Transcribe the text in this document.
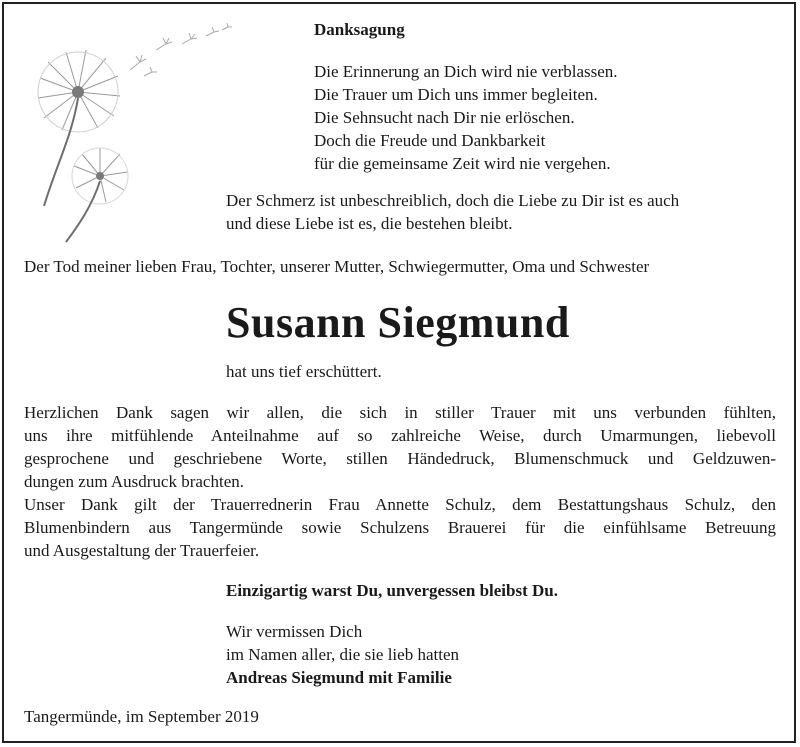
Danksagung
Die Erinnerung an Dich wird nie verblassen.
Die Trauer um Dich uns immer begleiten.
Die Sehnsucht nach Dir nie erlöschen.
Doch die Freude und Dankbarkeit
für die gemeinsame Zeit wird nie vergehen.
Der Schmerz ist unbeschreiblich, doch die Liebe zu Dir ist es auch
und diese Liebe ist es, die bestehen bleibt.
Der Tod meiner lieben Frau, Tochter, unserer Mutter, Schwiegermutter, Oma und Schwester
Susann Siegmund
hat uns tief erschüttert.
Herzlichen Dank sagen wir allen, die sich in stiller Trauer mit uns verbunden fühlten,
uns ihre mitfühlende Anteilnahme auf so zahlreiche Weise, durch Umarmungen, liebevoll
gesprochene und geschriebene Worte, stillen Händedruck, Blumenschmuck und Geldzuwen-
dungen zum Ausdruck brachten.
Unser Dank gilt der Trauerrednerin Frau Annette Schulz, dem Bestattungshaus Schulz, den
Blumenbindern aus Tangermünde sowie Schulzens Brauerei für die einfühlsame Betreuung
und Ausgestaltung der Trauerfeier.
Einzigartig warst Du, unvergessen bleibst Du.
Wir vermissen Dich
im Namen aller, die sie lieb hatten
Andreas Siegmund mit Familie
Tangermünde, im September 2019
